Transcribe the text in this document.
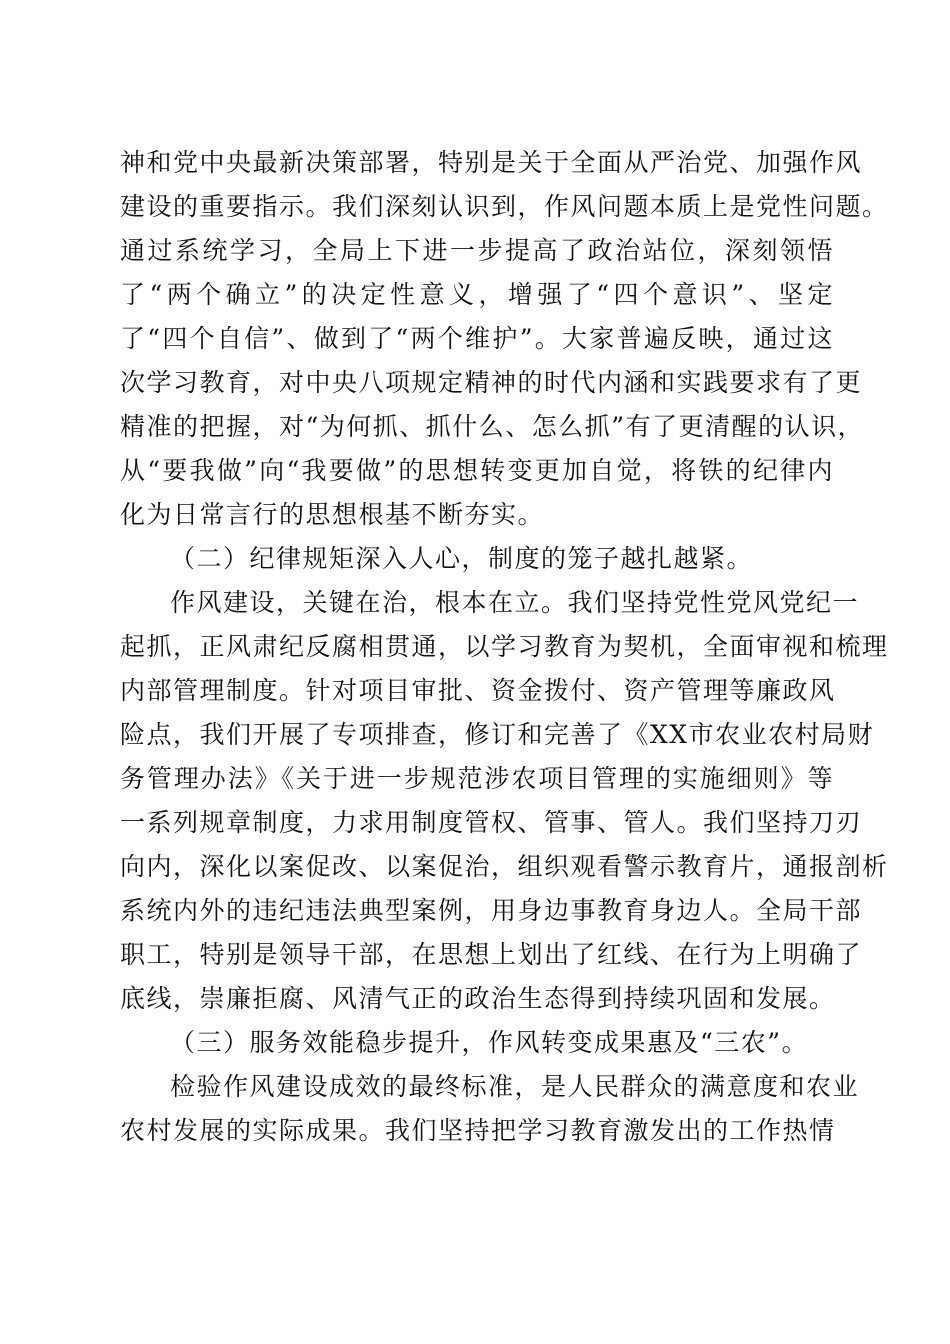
神和党中央最新决策部署，特别是关于全面从严治党、加强作风
建设的重要指示。我们深刻认识到，作风问题本质上是党性问题。
通过系统学习，全局上下进一步提高了政治站位，深刻领悟
了“两个确立”的决定性意义，增强了“四个意识”、坚定
了“四个自信”、做到了“两个维护”。大家普遍反映，通过这
次学习教育，对中央八项规定精神的时代内涵和实践要求有了更
精准的把握，对“为何抓、抓什么、怎么抓”有了更清醒的认识，
从“要我做”向“我要做”的思想转变更加自觉，将铁的纪律内
化为日常言行的思想根基不断夯实。
（二）纪律规矩深入人心，制度的笼子越扎越紧。
作风建设，关键在治，根本在立。我们坚持党性党风党纪一
起抓，正风肃纪反腐相贯通，以学习教育为契机，全面审视和梳理
内部管理制度。针对项目审批、资金拨付、资产管理等廉政风
险点，我们开展了专项排查，修订和完善了《XX市农业农村局财
务管理办法》《关于进一步规范涉农项目管理的实施细则》等
一系列规章制度，力求用制度管权、管事、管人。我们坚持刀刃
向内，深化以案促改、以案促治，组织观看警示教育片，通报剖析
系统内外的违纪违法典型案例，用身边事教育身边人。全局干部
职工，特别是领导干部，在思想上划出了红线、在行为上明确了
底线，崇廉拒腐、风清气正的政治生态得到持续巩固和发展。
（三）服务效能稳步提升，作风转变成果惠及“三农”。
检验作风建设成效的最终标准，是人民群众的满意度和农业
农村发展的实际成果。我们坚持把学习教育激发出的工作热情
